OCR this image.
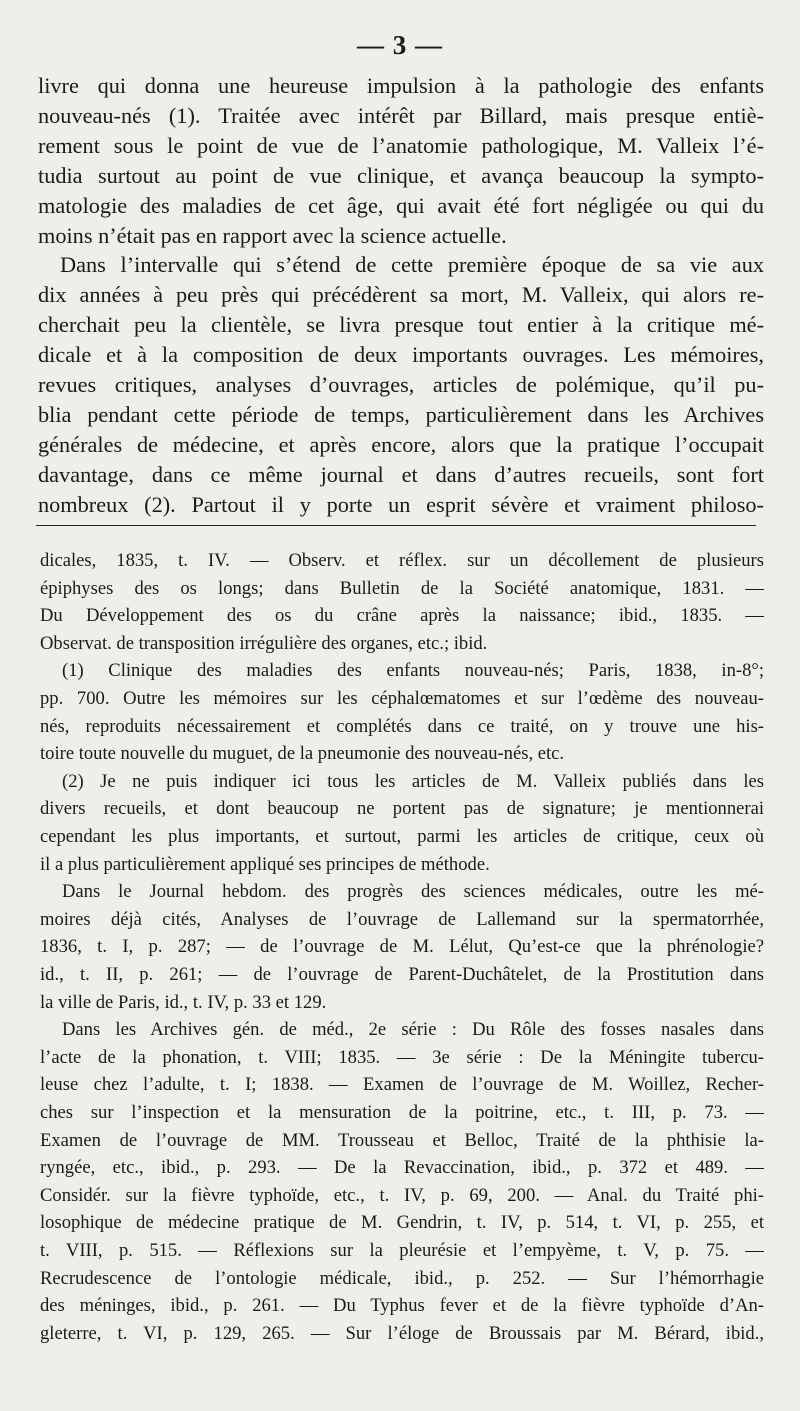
— 3 —
livre qui donna une heureuse impulsion à la pathologie des enfants
nouveau-nés (1). Traitée avec intérêt par Billard, mais presque entiè-
rement sous le point de vue de l’anatomie pathologique, M. Valleix l’é-
tudia surtout au point de vue clinique, et avança beaucoup la sympto-
matologie des maladies de cet âge, qui avait été fort négligée ou qui du
moins n’était pas en rapport avec la science actuelle.
Dans l’intervalle qui s’étend de cette première époque de sa vie aux
dix années à peu près qui précédèrent sa mort, M. Valleix, qui alors re-
cherchait peu la clientèle, se livra presque tout entier à la critique mé-
dicale et à la composition de deux importants ouvrages. Les mémoires,
revues critiques, analyses d’ouvrages, articles de polémique, qu’il pu-
blia pendant cette période de temps, particulièrement dans les Archives
générales de médecine, et après encore, alors que la pratique l’occupait
davantage, dans ce même journal et dans d’autres recueils, sont fort
nombreux (2). Partout il y porte un esprit sévère et vraiment philoso-
dicales, 1835, t. IV. — Observ. et réflex. sur un décollement de plusieurs
épiphyses des os longs; dans Bulletin de la Société anatomique, 1831. —
Du Développement des os du crâne après la naissance; ibid., 1835. —
Observat. de transposition irrégulière des organes, etc.; ibid.
(1) Clinique des maladies des enfants nouveau-nés; Paris, 1838, in-8°;
pp. 700. Outre les mémoires sur les céphalœmatomes et sur l’œdème des nouveau-
nés, reproduits nécessairement et complétés dans ce traité, on y trouve une his-
toire toute nouvelle du muguet, de la pneumonie des nouveau-nés, etc.
(2) Je ne puis indiquer ici tous les articles de M. Valleix publiés dans les
divers recueils, et dont beaucoup ne portent pas de signature; je mentionnerai
cependant les plus importants, et surtout, parmi les articles de critique, ceux où
il a plus particulièrement appliqué ses principes de méthode.
Dans le Journal hebdom. des progrès des sciences médicales, outre les mé-
moires déjà cités, Analyses de l’ouvrage de Lallemand sur la spermatorrhée,
1836, t. I, p. 287; — de l’ouvrage de M. Lélut, Qu’est-ce que la phrénologie?
id., t. II, p. 261; — de l’ouvrage de Parent-Duchâtelet, de la Prostitution dans
la ville de Paris, id., t. IV, p. 33 et 129.
Dans les Archives gén. de méd., 2e série : Du Rôle des fosses nasales dans
l’acte de la phonation, t. VIII; 1835. — 3e série : De la Méningite tubercu-
leuse chez l’adulte, t. I; 1838. — Examen de l’ouvrage de M. Woillez, Recher-
ches sur l’inspection et la mensuration de la poitrine, etc., t. III, p. 73. —
Examen de l’ouvrage de MM. Trousseau et Belloc, Traité de la phthisie la-
ryngée, etc., ibid., p. 293. — De la Revaccination, ibid., p. 372 et 489. —
Considér. sur la fièvre typhoïde, etc., t. IV, p. 69, 200. — Anal. du Traité phi-
losophique de médecine pratique de M. Gendrin, t. IV, p. 514, t. VI, p. 255, et
t. VIII, p. 515. — Réflexions sur la pleurésie et l’empyème, t. V, p. 75. —
Recrudescence de l’ontologie médicale, ibid., p. 252. — Sur l’hémorrhagie
des méninges, ibid., p. 261. — Du Typhus fever et de la fièvre typhoïde d’An-
gleterre, t. VI, p. 129, 265. — Sur l’éloge de Broussais par M. Bérard, ibid.,
